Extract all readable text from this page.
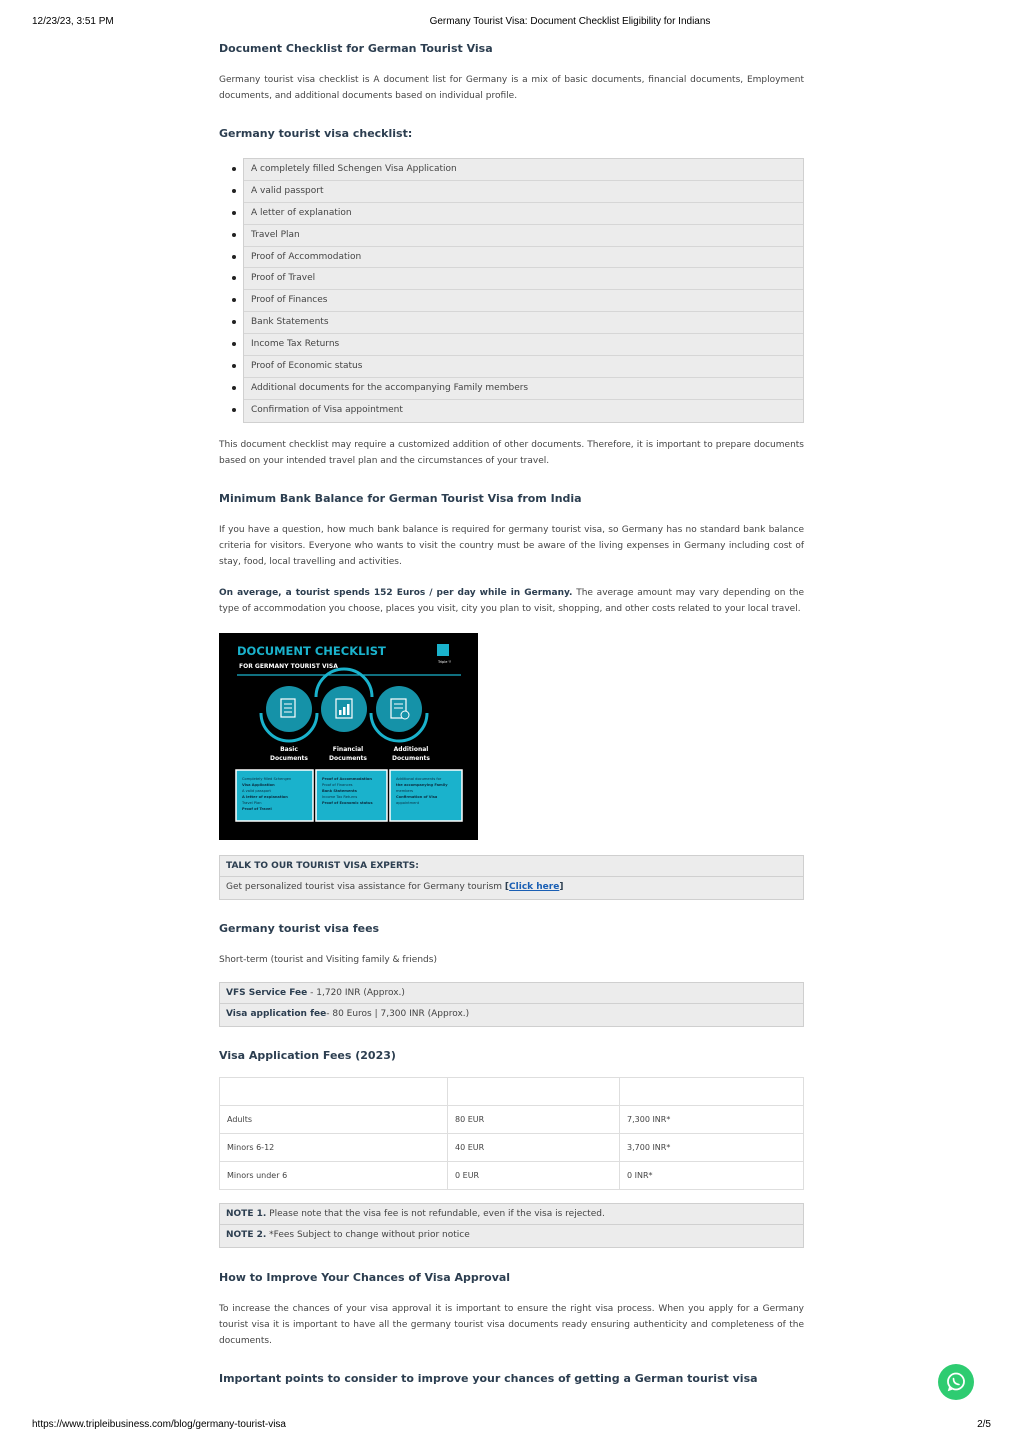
12/23/23, 3:51 PM	Germany Tourist Visa: Document Checklist Eligibility for Indians
Document Checklist for German Tourist Visa

Germany tourist visa checklist is A document list for Germany is a mix of basic documents, financial documents, Employment documents, and additional documents based on individual profile.

Germany tourist visa checklist:
A completely filled Schengen Visa Application
A valid passport
A letter of explanation
Travel Plan
Proof of Accommodation
Proof of Travel
Proof of Finances
Bank Statements
Income Tax Returns
Proof of Economic status
Additional documents for the accompanying Family members
Confirmation of Visa appointment

This document checklist may require a customized addition of other documents. Therefore, it is important to prepare documents based on your intended travel plan and the circumstances of your travel.

Minimum Bank Balance for German Tourist Visa from India

If you have a question, how much bank balance is required for germany tourist visa, so Germany has no standard bank balance criteria for visitors. Everyone who wants to visit the country must be aware of the living expenses in Germany including cost of stay, food, local travelling and activities.

On average, a tourist spends 152 Euros / per day while in Germany. The average amount may vary depending on the type of accommodation you choose, places you visit, city you plan to visit, shopping, and other costs related to your local travel.

DOCUMENT CHECKLIST
FOR GERMANY TOURIST VISA
Triple 'i'
Basic
Documents
Financial
Documents
Additional
Documents
Completely filled Schengen
Visa Application
A valid passport
A letter of explanation
Travel Plan
Proof of Travel
Proof of Accommodation
Proof of Finances
Bank Statements
Income Tax Returns
Proof of Economic status
Additional documents for
the accompanying Family
members
Confirmation of Visa
appointment
TALK TO OUR TOURIST VISA EXPERTS:
Get personalized tourist visa assistance for Germany tourism [Click here]
Germany tourist visa fees

Short-term (tourist and Visiting family & friends)

VFS Service Fee - 1,720 INR (Approx.)
Visa application fee- 80 Euros | 7,300 INR (Approx.)
Visa Application Fees (2023)

Adults	80 EUR	7,300 INR*
Minors 6-12	40 EUR	3,700 INR*
Minors under 6	0 EUR	0 INR*
NOTE 1. Please note that the visa fee is not refundable, even if the visa is rejected.
NOTE 2. *Fees Subject to change without prior notice
How to Improve Your Chances of Visa Approval

To increase the chances of your visa approval it is important to ensure the right visa process. When you apply for a Germany tourist visa it is important to have all the germany tourist visa documents ready ensuring authenticity and completeness of the documents.

Important points to consider to improve your chances of getting a German tourist visa
https://www.tripleibusiness.com/blog/germany-tourist-visa	2/5
